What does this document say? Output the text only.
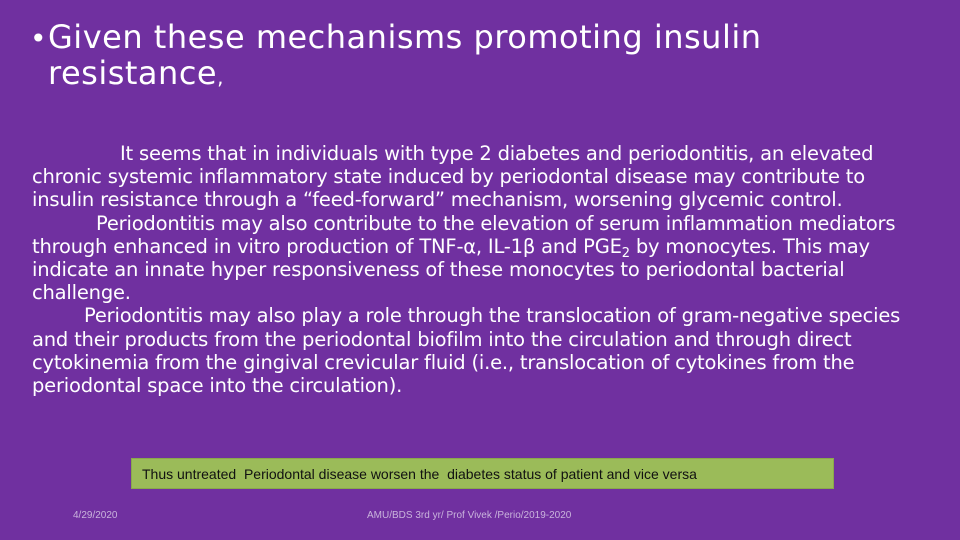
•Given these mechanisms promoting insulin
resistance,

It seems that in individuals with type 2 diabetes and periodontitis, an elevated chronic systemic inflammatory state induced by periodontal disease may contribute to insulin resistance through a “feed-forward” mechanism, worsening glycemic control.

Periodontitis may also contribute to the elevation of serum inflammation mediators through enhanced in vitro production of TNF-α, IL-1β and $PGE_2$ by monocytes. This may indicate an innate hyper responsiveness of these monocytes to periodontal bacterial challenge.

Periodontitis may also play a role through the translocation of gram-negative species and their products from the periodontal biofilm into the circulation and through direct cytokinemia from the gingival crevicular fluid (i.e., translocation of cytokines from the periodontal space into the circulation).

Thus untreated  Periodontal disease worsen the  diabetes status of patient and vice versa
4/29/2020	AMU/BDS 3rd yr/ Prof Vivek /Perio/2019-2020
